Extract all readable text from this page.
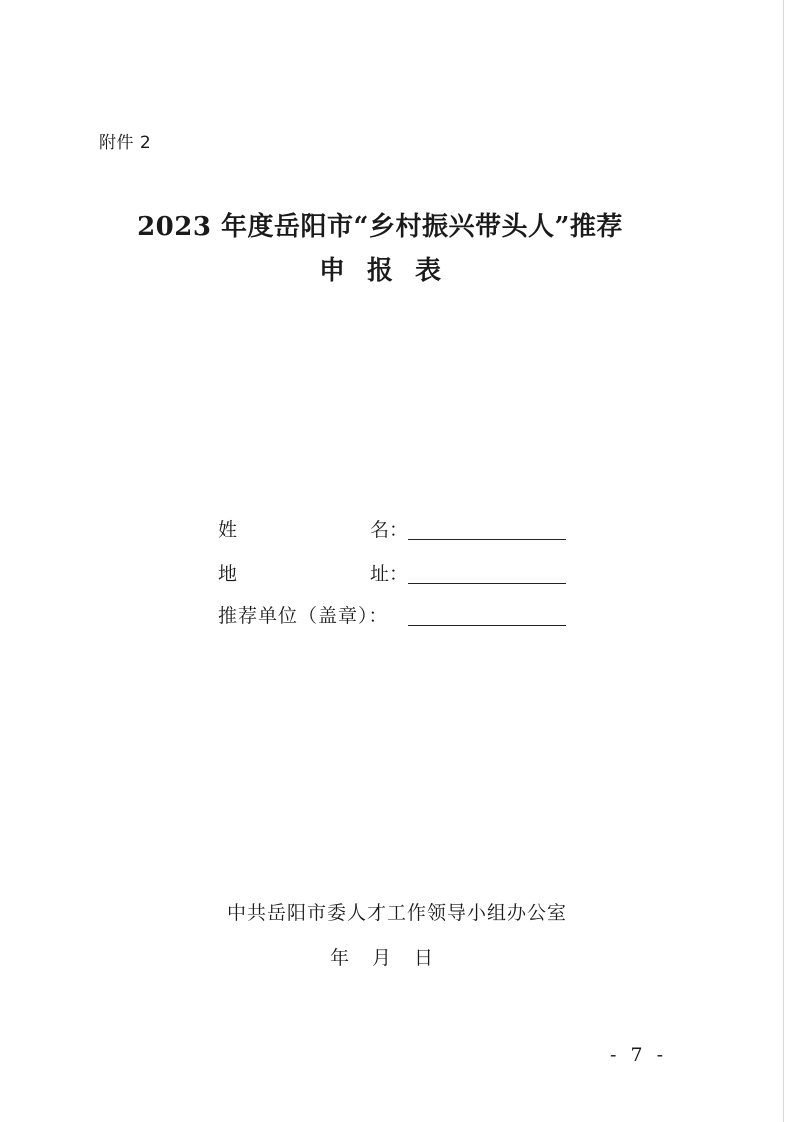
附件 2
2023 年度岳阳市“乡村振兴带头人”推荐
申报表
姓	名：
地	址：
推荐单位（盖章）：
中共岳阳市委人才工作领导小组办公室
年	月	日
- 7 -
